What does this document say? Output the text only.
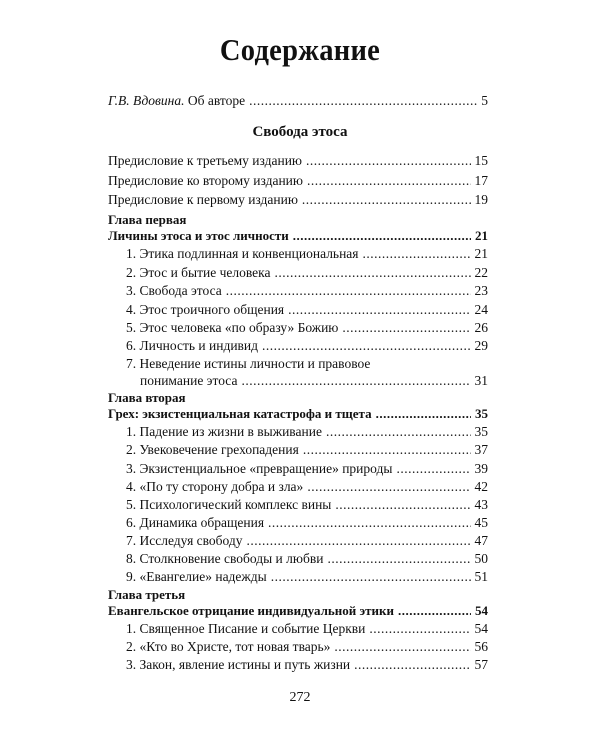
Содержание
Г.В. Вдовина. Об авторе .....	5
Свобода этоса
Предисловие к третьему изданию .....	15
Предисловие ко второму изданию .....	17
Предисловие к первому изданию .....	19
Глава первая
Личины этоса и этос личности .....	21
1. Этика подлинная и конвенциональная .....	21
2. Этос и бытие человека .....	22
3. Свобода этоса .....	23
4. Этос троичного общения .....	24
5. Этос человека «по образу» Божию .....	26
6. Личность и индивид .....	29
7. Неведение истины личности и правовое
понимание этоса .....	31
Глава вторая
Грех: экзистенциальная катастрофа и тщета .....	35
1. Падение из жизни в выживание .....	35
2. Увековечение грехопадения .....	37
3. Экзистенциальное «превращение» природы .....	39
4. «По ту сторону добра и зла» .....	42
5. Психологический комплекс вины .....	43
6. Динамика обращения .....	45
7. Исследуя свободу .....	47
8. Столкновение свободы и любви .....	50
9. «Евангелие» надежды .....	51
Глава третья
Евангельское отрицание индивидуальной этики .....	54
1. Священное Писание и событие Церкви .....	54
2. «Кто во Христе, тот новая тварь» .....	56
3. Закон, явление истины и путь жизни .....	57
272
